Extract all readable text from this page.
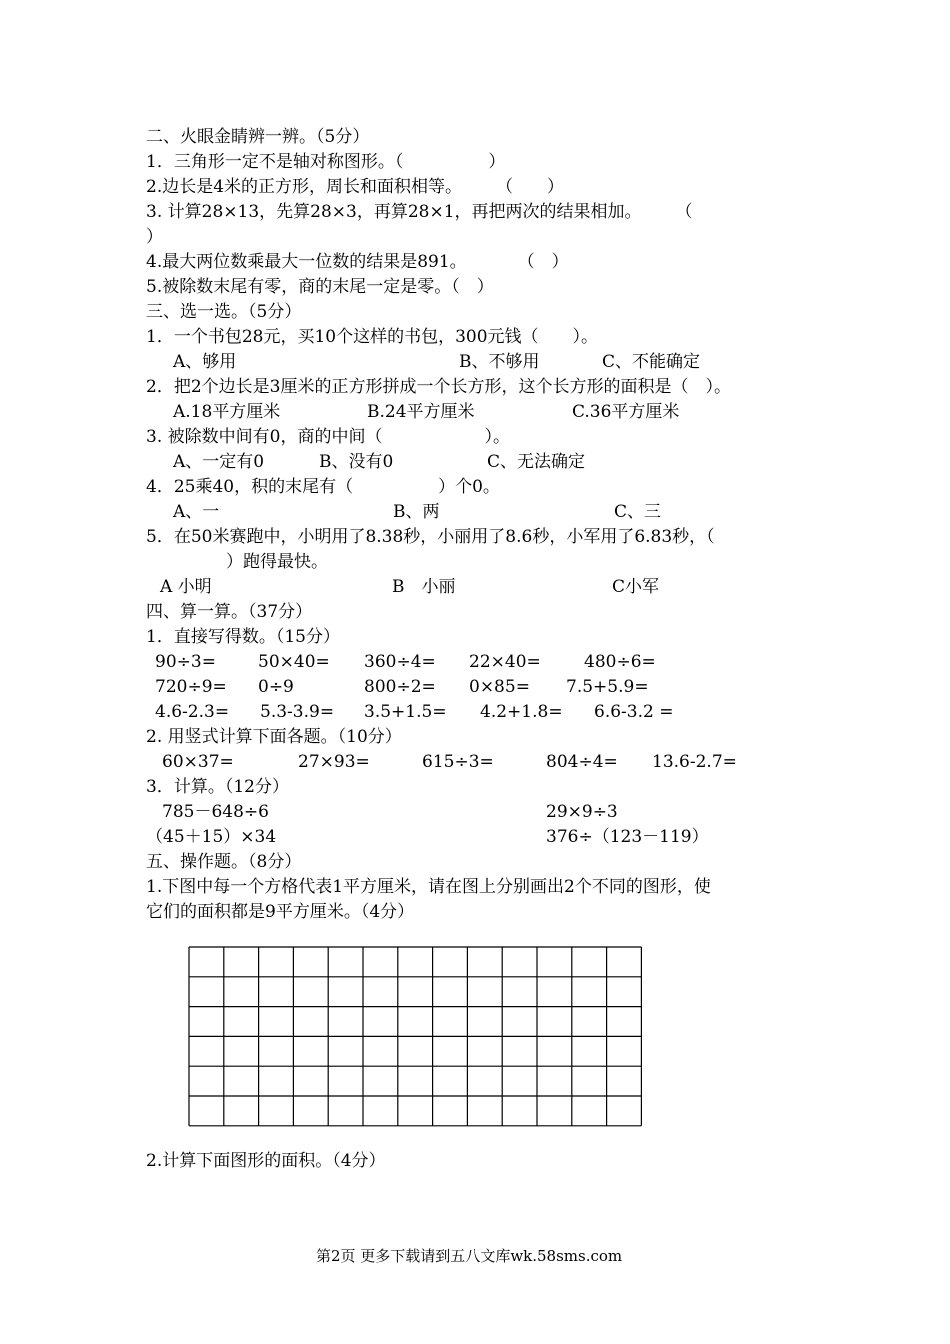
二、火眼金睛辨一辨。（5分）
1．三角形一定不是轴对称图形。（　　　　　）
2.边长是4米的正方形，周长和面积相等。　　　（　　）
3. 计算28×13，先算28×3，再算28×1，再把两次的结果相加。　　　（
）
4.最大两位数乘最大一位数的结果是891。　　　　（　）
5.被除数末尾有零，商的末尾一定是零。（　）
三、选一选。（5分）
1．一个书包28元，买10个这样的书包，300元钱（　　）。
A、够用	B、不够用	C、不能确定
2．把2个边长是3厘米的正方形拼成一个长方形，这个长方形的面积是（　）。
A.18平方厘米	B.24平方厘米	C.36平方厘米
3. 被除数中间有0，商的中间（　　　　　　）。
A、一定有0	B、没有0	C、无法确定
4．25乘40，积的末尾有（　　　　　）个0。
A、一	B、两	C、三
5．在50米赛跑中，小明用了8.38秒，小丽用了8.6秒，小军用了6.83秒，（
）跑得最快。
A 小明	B　小丽	C小军
四、算一算。（37分）
1．直接写得数。（15分）
90÷3= 50×40= 360÷4= 22×40=	480÷6=
720÷9= 0÷9	800÷2= 0×85= 7.5+5.9=
4.6-2.3= 5.3-3.9= 3.5+1.5= 4.2+1.8= 6.6-3.2 =
2. 用竖式计算下面各题。（10分）
60×37=	27×93=	615÷3=	804÷4= 13.6-2.7=
3．计算。（12分）
785－648÷6	29×9÷3
（45＋15）×34	376÷（123－119）
五、操作题。（8分）
1.下图中每一个方格代表1平方厘米，请在图上分别画出2个不同的图形，使
它们的面积都是9平方厘米。（4分）
2.计算下面图形的面积。（4分）
第2页 更多下载请到五八文库wk.58sms.com
